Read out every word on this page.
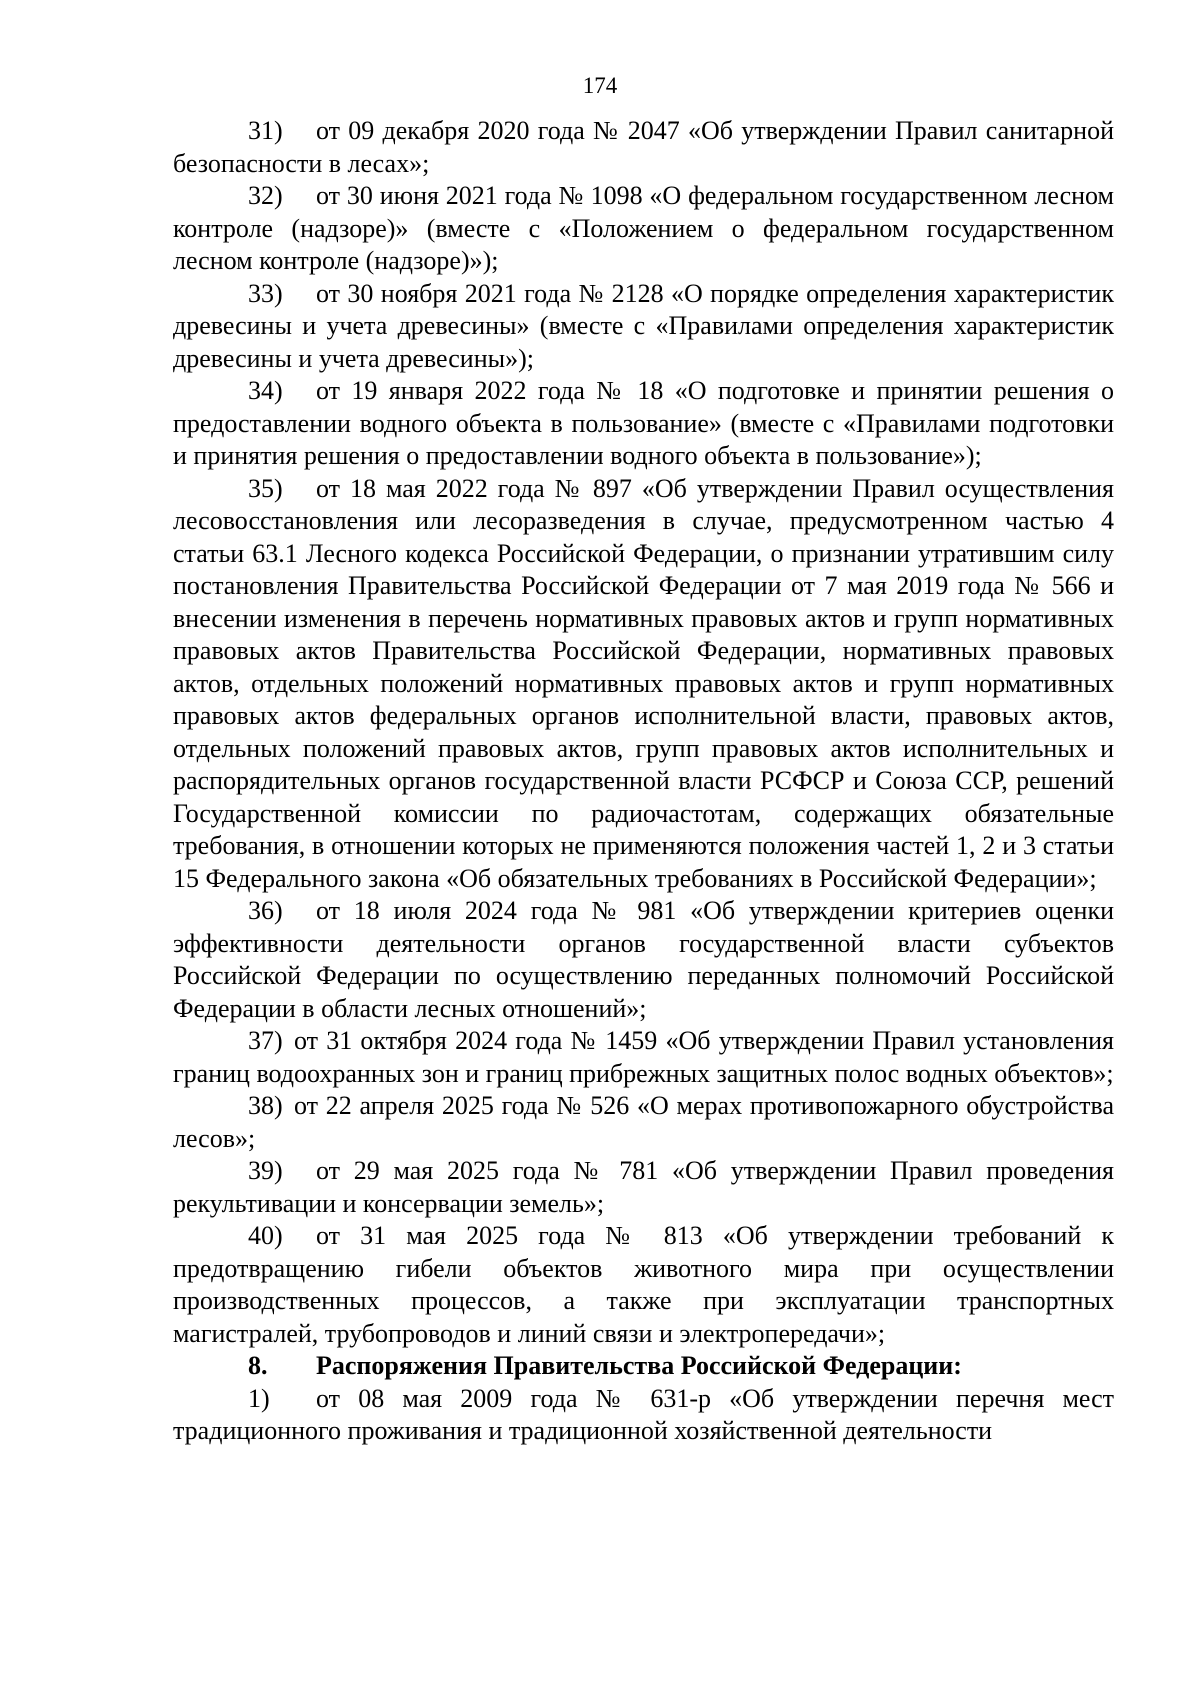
174

31) от 09 декабря 2020 года № 2047 «Об утверждении Правил санитарной безопасности в лесах»;

32) от 30 июня 2021 года № 1098 «О федеральном государственном лесном контроле (надзоре)» (вместе с «Положением о федеральном государственном лесном контроле (надзоре)»);

33) от 30 ноября 2021 года № 2128 «О порядке определения характеристик древесины и учета древесины» (вместе с «Правилами определения характеристик древесины и учета древесины»);

34) от 19 января 2022 года № 18 «О подготовке и принятии решения о предоставлении водного объекта в пользование» (вместе с «Правилами подготовки и принятия решения о предоставлении водного объекта в пользование»);

35) от 18 мая 2022 года № 897 «Об утверждении Правил осуществления лесовосстановления или лесоразведения в случае, предусмотренном частью 4 статьи 63.1 Лесного кодекса Российской Федерации, о признании утратившим силу постановления Правительства Российской Федерации от 7 мая 2019 года № 566 и внесении изменения в перечень нормативных правовых актов и групп нормативных правовых актов Правительства Российской Федерации, нормативных правовых актов, отдельных положений нормативных правовых актов и групп нормативных правовых актов федеральных органов исполнительной власти, правовых актов, отдельных положений правовых актов, групп правовых актов исполнительных и распорядительных органов государственной власти РСФСР и Союза ССР, решений Государственной комиссии по радиочастотам, содержащих обязательные требования, в отношении которых не применяются положения частей 1, 2 и 3 статьи 15 Федерального закона «Об обязательных требованиях в Российской Федерации»;

36) от 18 июля 2024 года № 981 «Об утверждении критериев оценки эффективности деятельности органов государственной власти субъектов Российской Федерации по осуществлению переданных полномочий Российской Федерации в области лесных отношений»;

37) от 31 октября 2024 года № 1459 «Об утверждении Правил установления границ водоохранных зон и границ прибрежных защитных полос водных объектов»;

38) от 22 апреля 2025 года № 526 «О мерах противопожарного обустройства лесов»;

39) от 29 мая 2025 года № 781 «Об утверждении Правил проведения рекультивации и консервации земель»;

40) от 31 мая 2025 года № 813 «Об утверждении требований к предотвращению гибели объектов животного мира при осуществлении производственных процессов, а также при эксплуатации транспортных магистралей, трубопроводов и линий связи и электропередачи»;

8. Распоряжения Правительства Российской Федерации:

1) от 08 мая 2009 года № 631-р «Об утверждении перечня мест традиционного проживания и традиционной хозяйственной деятельности
